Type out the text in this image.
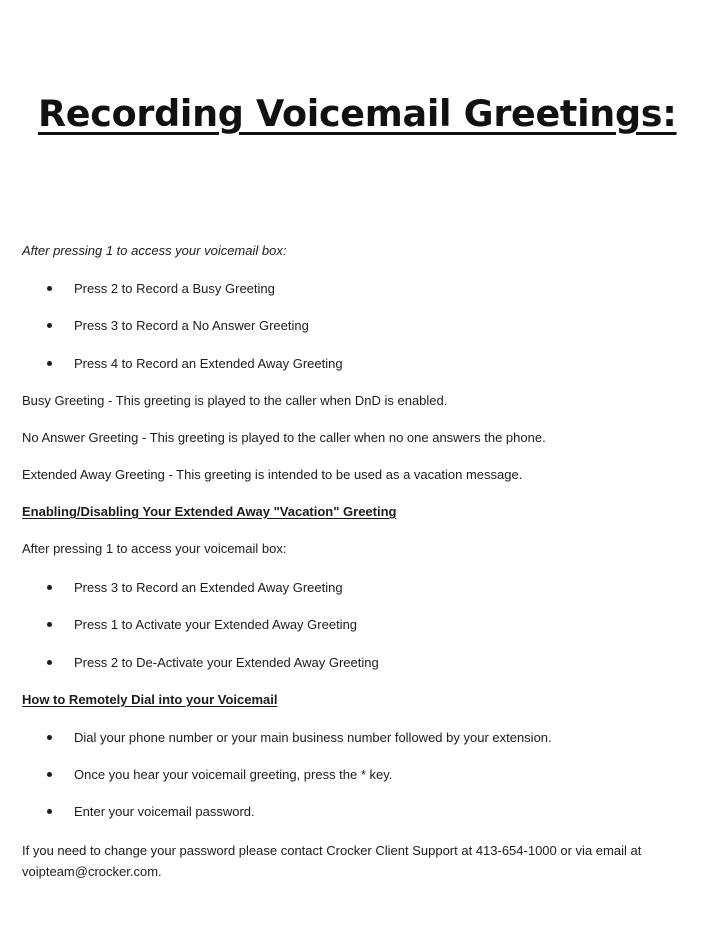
Recording Voicemail Greetings:
After pressing 1 to access your voicemail box:
Press 2 to Record a Busy Greeting
Press 3 to Record a No Answer Greeting
Press 4 to Record an Extended Away Greeting
Busy Greeting - This greeting is played to the caller when DnD is enabled.
No Answer Greeting - This greeting is played to the caller when no one answers the phone.
Extended Away Greeting - This greeting is intended to be used as a vacation message.
Enabling/Disabling Your Extended Away "Vacation" Greeting
After pressing 1 to access your voicemail box:
Press 3 to Record an Extended Away Greeting
Press 1 to Activate your Extended Away Greeting
Press 2 to De-Activate your Extended Away Greeting
How to Remotely Dial into your Voicemail
Dial your phone number or your main business number followed by your extension.
Once you hear your voicemail greeting, press the * key.
Enter your voicemail password.
If you need to change your password please contact Crocker Client Support at 413-654-1000 or via email at voipteam@crocker.com.
